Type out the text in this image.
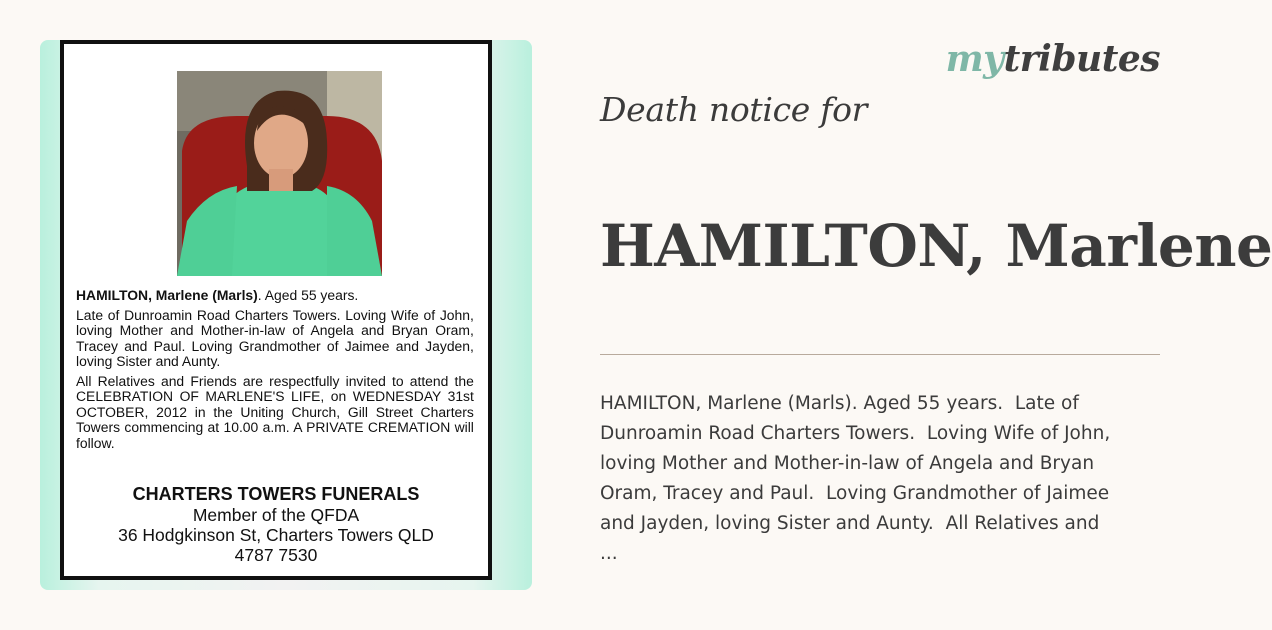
HAMILTON, Marlene (Marls). Aged 55 years.

Late of Dunroamin Road Charters Towers. Loving Wife of John, loving Mother and Mother-in-law of Angela and Bryan Oram, Tracey and Paul. Loving Grandmother of Jaimee and Jayden, loving Sister and Aunty.

All Relatives and Friends are respectfully invited to attend the CELEBRATION OF MARLENE'S LIFE, on WEDNESDAY 31st OCTOBER, 2012 in the Uniting Church, Gill Street Charters Towers commencing at 10.00 a.m. A PRIVATE CREMATION will follow.

CHARTERS TOWERS FUNERALS
Member of the QFDA
36 Hodgkinson St, Charters Towers QLD
4787 7530
mytributes
Death notice for
HAMILTON, Marlene
HAMILTON, Marlene (Marls). Aged 55 years.  Late of
Dunroamin Road Charters Towers.  Loving Wife of John,
loving Mother and Mother-in-law of Angela and Bryan
Oram, Tracey and Paul.  Loving Grandmother of Jaimee
and Jayden, loving Sister and Aunty.  All Relatives and
...
